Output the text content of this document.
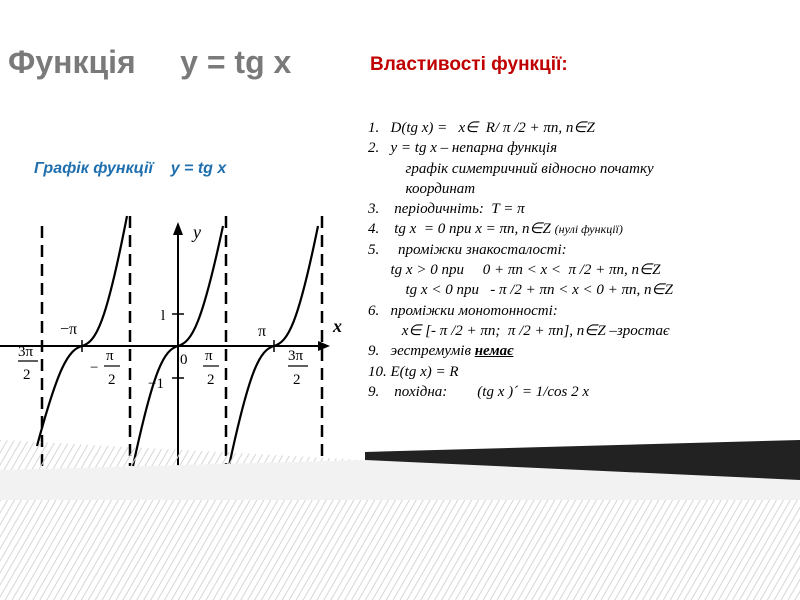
Функція     y = tg x
Графік функції    y = tg x
Властивості функції:
y
x
l
−1
0
−π	π
3π
2	−
π
2
π
2
3π
2
1.   D(tg x) =   x∈  R/ π /2 + πn, n∈Z
2.   y = tg x – непарна функція
графік симетричний відносно початку
координат
3.    періодичніть:  T = π
4.    tg x  = 0 при x = πn, n∈Z (нулі функції)
5.     проміжки знакосталості:
tg x > 0 при     0 + πn < x <  π /2 + πn, n∈Z
tg x < 0 при   - π /2 + πn < x < 0 + πn, n∈Z
6.   проміжки монотонності:
x∈ [- π /2 + πn;  π /2 + πn], n∈Z –зростає
9.   эестремумів немає
10. E(tg x) = R
9.    похідна:        (tg x )´ = 1/cos 2 x
